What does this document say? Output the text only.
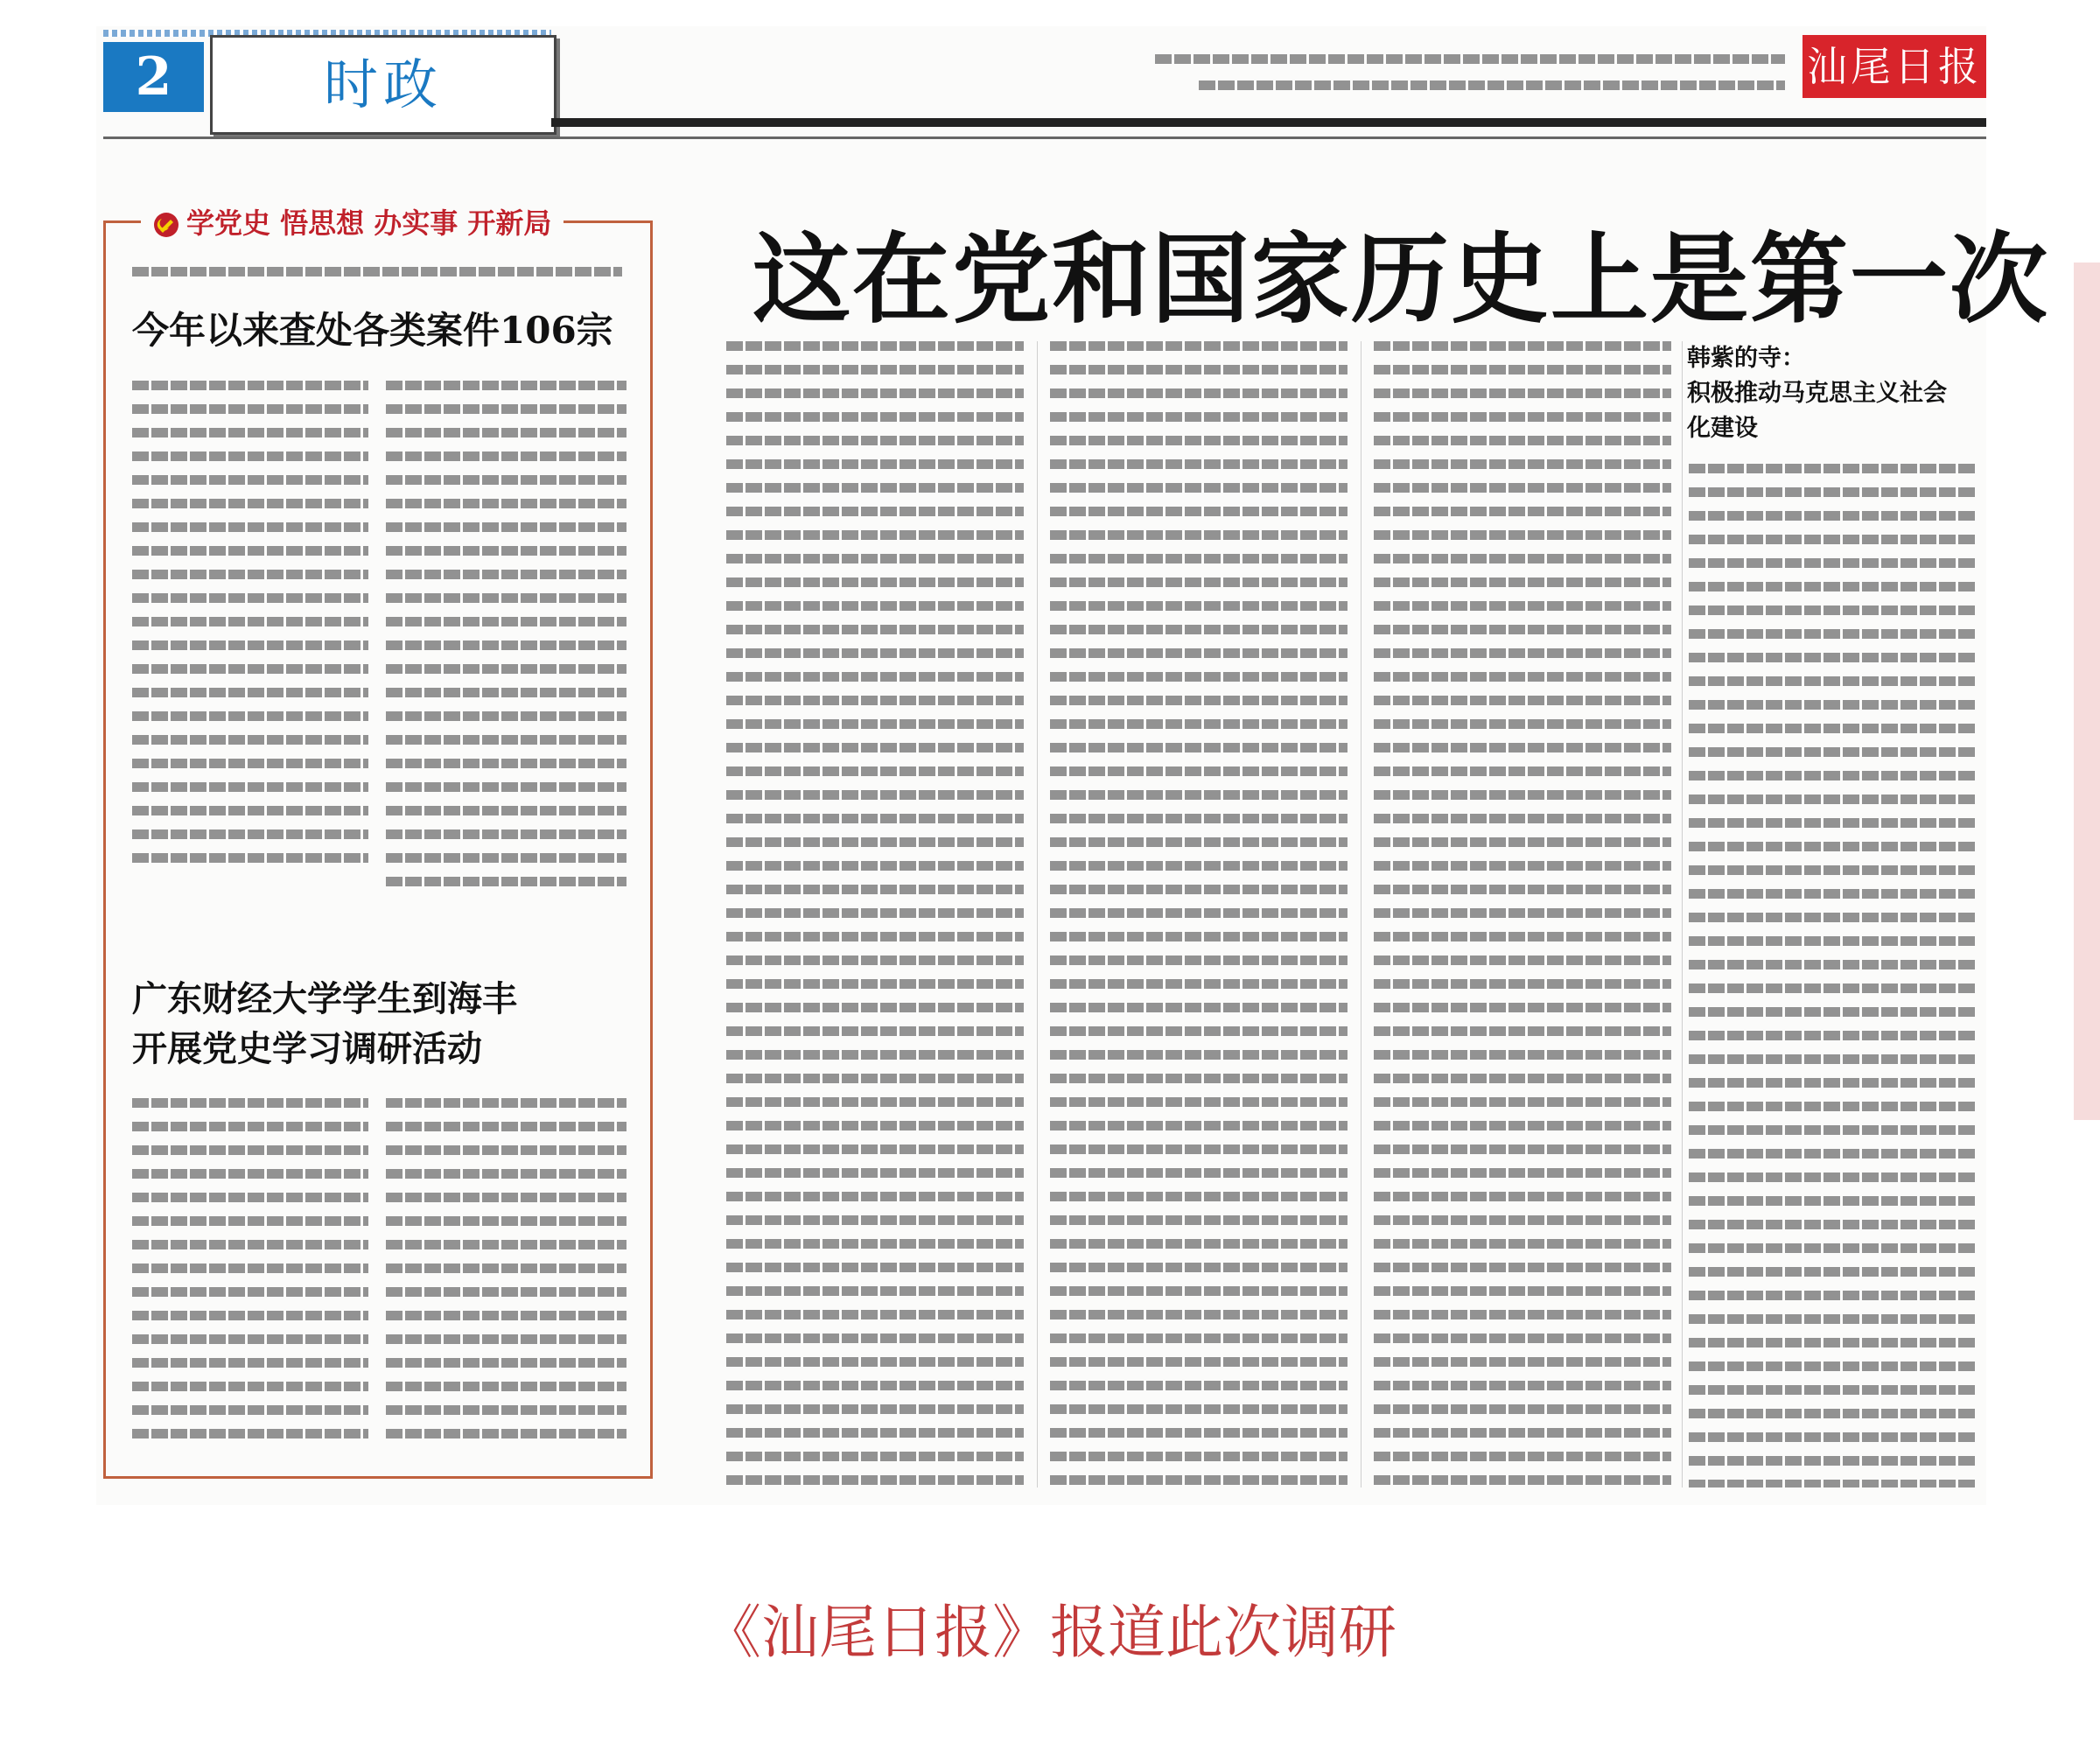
2	时政	汕尾日报
学党史 悟思想 办实事 开新局
今年以来查处各类案件106宗
广东财经大学学生到海丰
开展党史学习调研活动
这在党和国家历史上是第一次
韩紫的寺：
积极推动马克思主义社会
化建设
《汕尾日报》报道此次调研
